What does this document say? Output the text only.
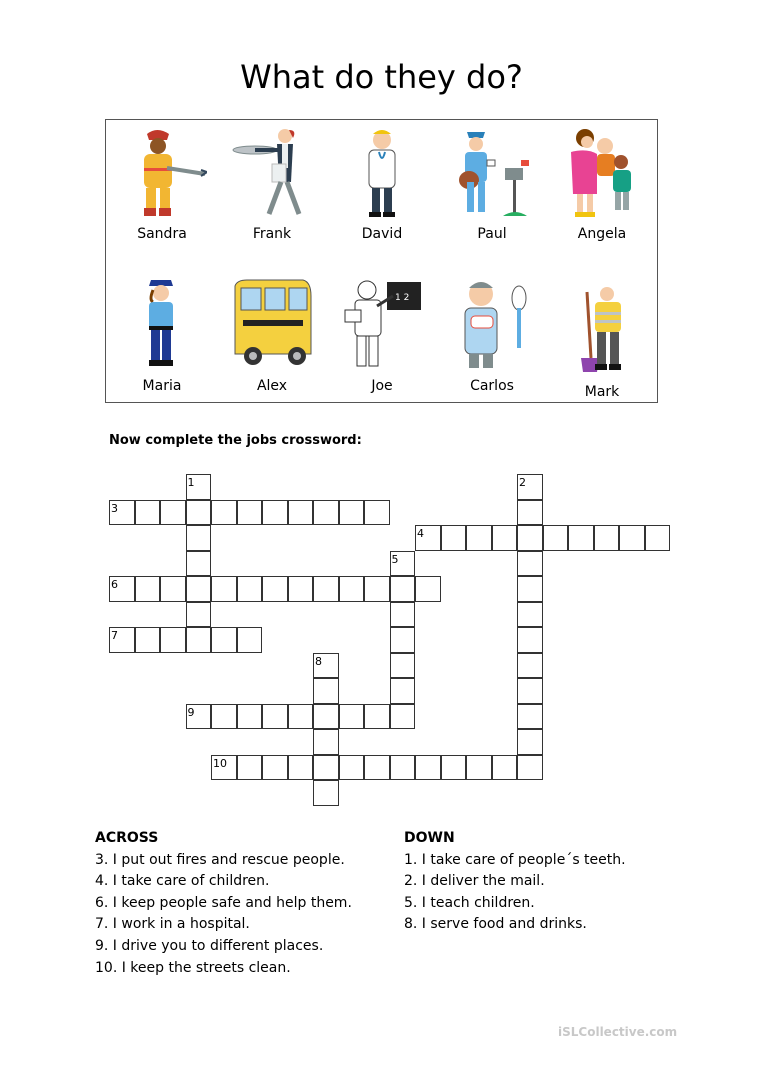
What do they do?
Sandra	Frank	David	Paul	Angela
Maria	Alex
1 2
Joe	Carlos	Mark
Now complete the jobs crossword:
1	2
3
4
5
6
7
8
9
10
ACROSS
3. I put out fires and rescue people.
4. I take care of children.
6. I keep people safe and help them.
7. I work in a hospital.
9. I drive you to different places.
10. I keep the streets clean.
DOWN
1. I take care of people´s teeth.
2. I deliver the mail.
5. I teach children.
8. I serve food and drinks.
iSLCollective.com
